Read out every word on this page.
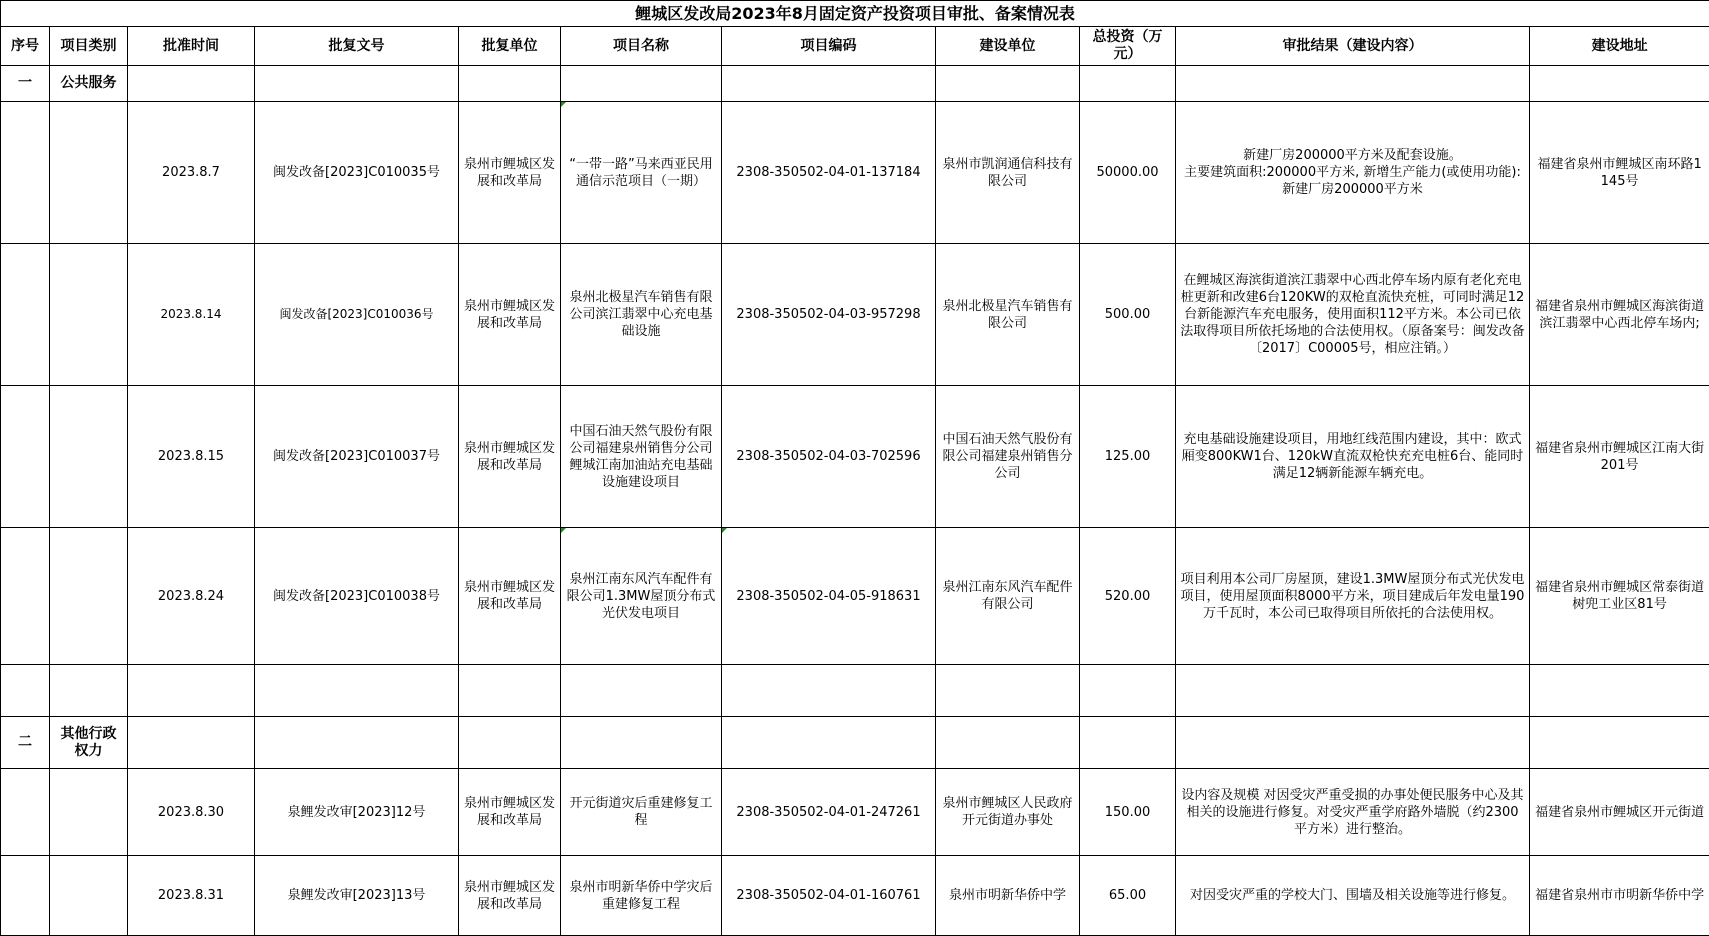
鲤城区发改局2023年8月固定资产投资项目审批、备案情况表										
序号	项目类别	批准时间	批复文号	批复单位	项目名称	项目编码	建设单位	总投资（万元）	审批结果（建设内容）	建设地址
一	公共服务									
		2023.8.7	闽发改备[2023]C010035号	泉州市鲤城区发展和改革局	“一带一路”马来西亚民用通信示范项目（一期）	2308-350502-04-01-137184	泉州市凯润通信科技有限公司	50000.00	新建厂房200000平方米及配套设施。
主要建筑面积:200000平方米, 新增生产能力(或使用功能):新建厂房200000平方米	福建省泉州市鲤城区南环路1145号
		2023.8.14	闽发改备[2023]C010036号	泉州市鲤城区发展和改革局	泉州北极星汽车销售有限公司滨江翡翠中心充电基础设施	2308-350502-04-03-957298	泉州北极星汽车销售有限公司	500.00	在鲤城区海滨街道滨江翡翠中心西北停车场内原有老化充电桩更新和改建6台120KW的双枪直流快充桩，可同时满足12台新能源汽车充电服务，使用面积112平方米。本公司已依法取得项目所依托场地的合法使用权。（原备案号：闽发改备〔2017〕C00005号，相应注销。）	福建省泉州市鲤城区海滨街道滨江翡翠中心西北停车场内;
		2023.8.15	闽发改备[2023]C010037号	泉州市鲤城区发展和改革局	中国石油天然气股份有限公司福建泉州销售分公司鲤城江南加油站充电基础设施建设项目	2308-350502-04-03-702596	中国石油天然气股份有限公司福建泉州销售分公司	125.00	充电基础设施建设项目，用地红线范围内建设，其中：欧式厢变800KW1台、120kW直流双枪快充充电桩6台、能同时满足12辆新能源车辆充电。	福建省泉州市鲤城区江南大街201号
		2023.8.24	闽发改备[2023]C010038号	泉州市鲤城区发展和改革局	泉州江南东风汽车配件有限公司1.3MW屋顶分布式光伏发电项目	2308-350502-04-05-918631	泉州江南东风汽车配件有限公司	520.00	项目利用本公司厂房屋顶，建设1.3MW屋顶分布式光伏发电项目，使用屋顶面积8000平方米，项目建成后年发电量190万千瓦时，本公司已取得项目所依托的合法使用权。	福建省泉州市鲤城区常泰街道树兜工业区81号

二	其他行政权力									
		2023.8.30	泉鲤发改审[2023]12号	泉州市鲤城区发展和改革局	开元街道灾后重建修复工程	2308-350502-04-01-247261	泉州市鲤城区人民政府开元街道办事处	150.00	设内容及规模 对因受灾严重受损的办事处便民服务中心及其相关的设施进行修复。对受灾严重学府路外墙脱（约2300平方米）进行整治。	福建省泉州市鲤城区开元街道
		2023.8.31	泉鲤发改审[2023]13号	泉州市鲤城区发展和改革局	泉州市明新华侨中学灾后重建修复工程	2308-350502-04-01-160761	泉州市明新华侨中学	65.00	对因受灾严重的学校大门、围墙及相关设施等进行修复。	福建省泉州市市明新华侨中学
